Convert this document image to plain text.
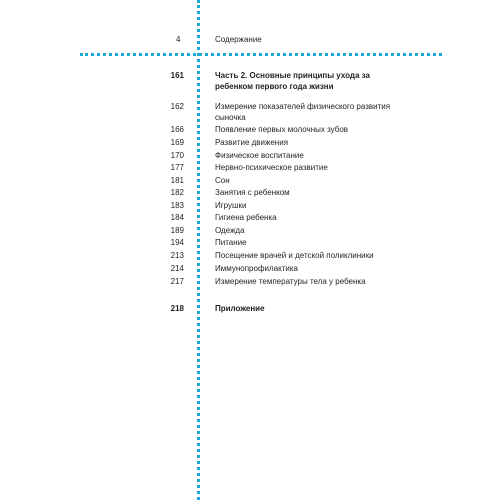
4	Содержание
161	Часть 2. Основные принципы ухода за ребенком первого года жизни
162	Измерение показателей физического развития сыночка
166	Появление первых молочных зубов
169	Развитие движения
170	Физическое воспитание
177	Нервно-психическое развитие
181	Сон
182	Занятия с ребенком
183	Игрушки
184	Гигиена ребенка
189	Одежда
194	Питание
213	Посещение врачей и детской поликлиники
214	Иммунопрофилактика
217	Измерение температуры тела у ребенка
218	Приложение
